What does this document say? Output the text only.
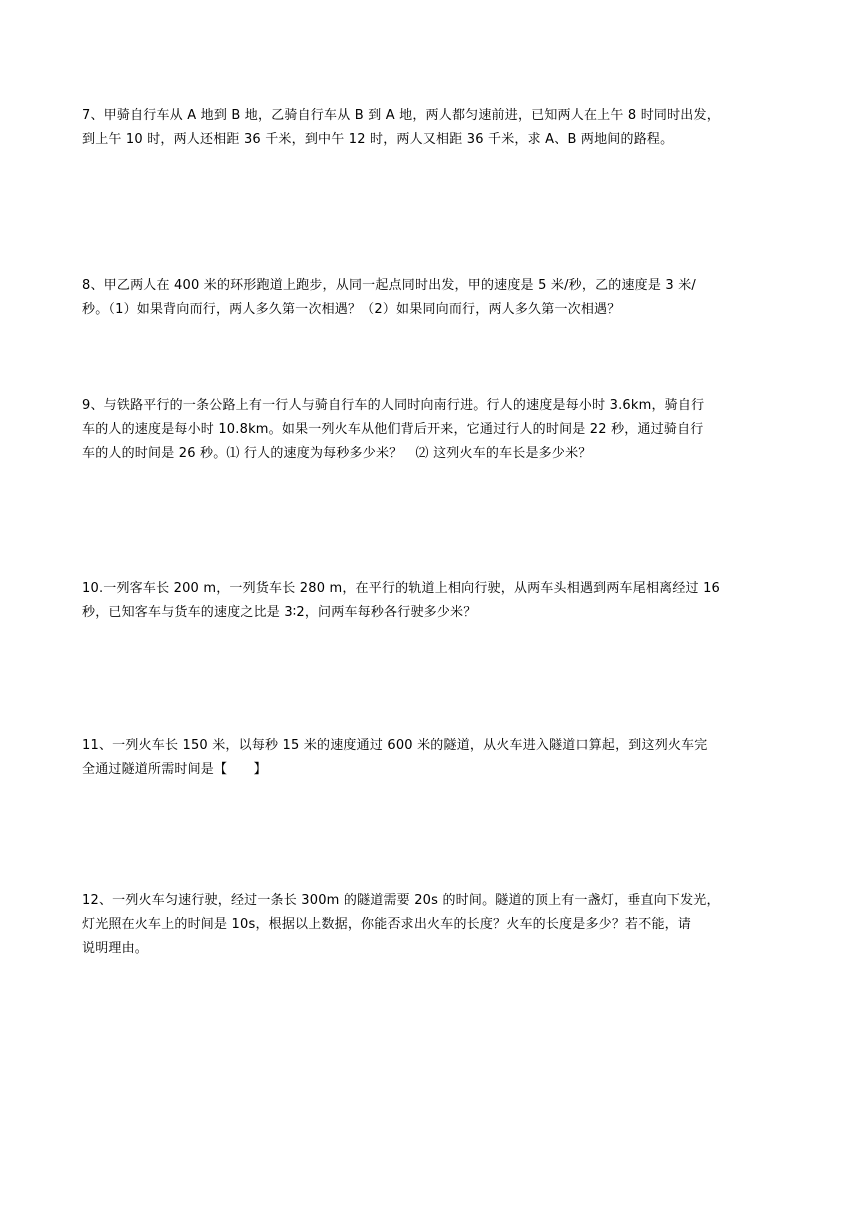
7、甲骑自行车从 A 地到 B 地，乙骑自行车从 B 到 A 地，两人都匀速前进，已知两人在上午 8 时同时出发，

到上午 10 时，两人还相距 36 千米，到中午 12 时，两人又相距 36 千米，求 A、B 两地间的路程。

8、甲乙两人在 400 米的环形跑道上跑步，从同一起点同时出发，甲的速度是 5 米/秒，乙的速度是 3 米/

秒。（1）如果背向而行，两人多久第一次相遇？（2）如果同向而行，两人多久第一次相遇？

9、与铁路平行的一条公路上有一行人与骑自行车的人同时向南行进。行人的速度是每小时 3.6km，骑自行

车的人的速度是每小时 10.8km。如果一列火车从他们背后开来，它通过行人的时间是 22 秒，通过骑自行

车的人的时间是 26 秒。⑴ 行人的速度为每秒多少米？　⑵ 这列火车的车长是多少米？

10.一列客车长 200 m，一列货车长 280 m，在平行的轨道上相向行驶，从两车头相遇到两车尾相离经过 16

秒，已知客车与货车的速度之比是 3∶2，问两车每秒各行驶多少米？

11、一列火车长 150 米，以每秒 15 米的速度通过 600 米的隧道，从火车进入隧道口算起，到这列火车完

全通过隧道所需时间是【　　】

12、一列火车匀速行驶，经过一条长 300m 的隧道需要 20s 的时间。隧道的顶上有一盏灯，垂直向下发光，

灯光照在火车上的时间是 10s，根据以上数据，你能否求出火车的长度？火车的长度是多少？若不能，请

说明理由。
